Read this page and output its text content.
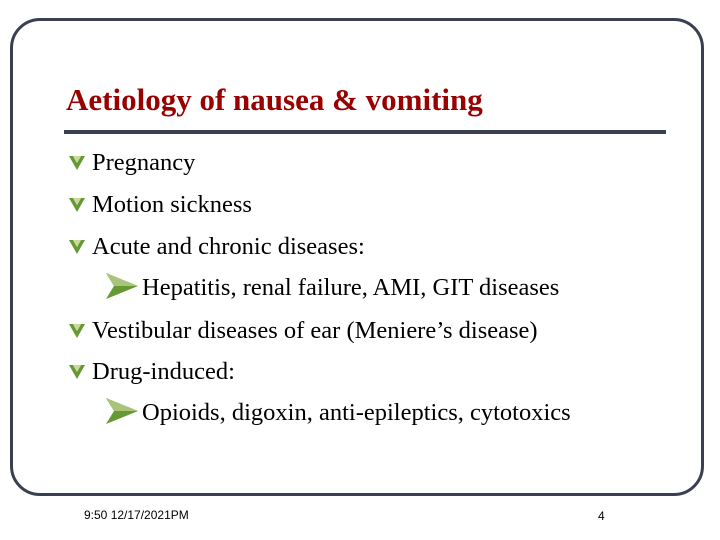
Aetiology of nausea & vomiting
Pregnancy
Motion sickness
Acute and chronic diseases:
Hepatitis, renal failure, AMI, GIT diseases
Vestibular diseases of ear (Meniere’s disease)
Drug-induced:
Opioids, digoxin, anti-epileptics, cytotoxics
9:50 12/17/2021PM	4
